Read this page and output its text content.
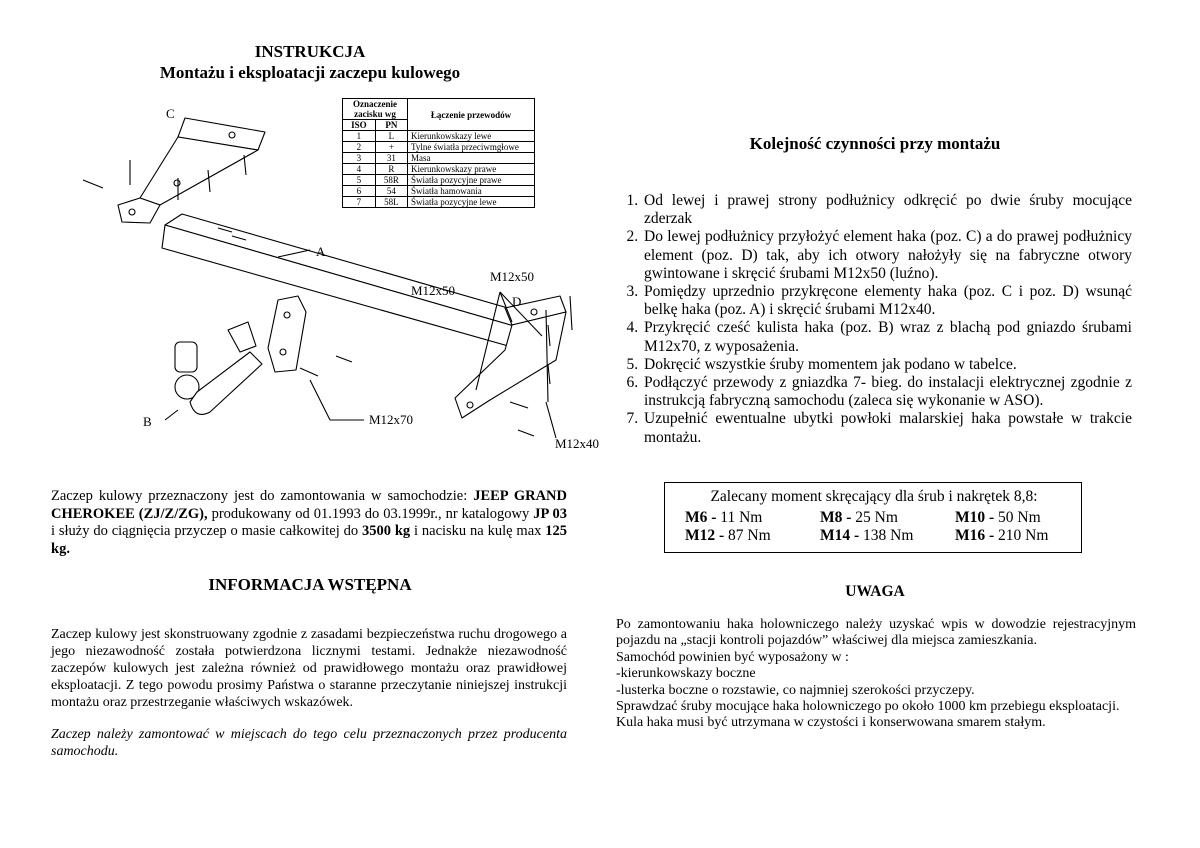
INSTRUKCJA
Montażu i eksploatacji zaczepu kulowego
Oznaczenie zacisku wg		Łączenie przewodów
ISO	PN	
1	L	Kierunkowskazy lewe
2	+	Tylne światła przeciwmgłowe
3	31	Masa
4	R	Kierunkowskazy prawe
5	58R	Światła pozycyjne prawe
6	54	Światła hamowania
7	58L	Światła pozycyjne lewe
C
A
D
B
M12x50
M12x50
M12x70
M12x40
Kolejność czynności przy montażu
1. Od lewej i prawej strony podłużnicy odkręcić po dwie śruby mocujące zderzak
2. Do lewej podłużnicy przyłożyć element haka (poz. C) a do prawej podłużnicy element (poz. D) tak, aby ich otwory nałożyły się na fabryczne otwory gwintowane i skręcić śrubami M12x50 (luźno).
3. Pomiędzy uprzednio przykręcone elementy haka (poz. C i poz. D) wsunąć belkę haka (poz. A) i skręcić śrubami M12x40.
4. Przykręcić cześć kulista haka (poz. B) wraz z blachą pod gniazdo śrubami M12x70, z wyposażenia.
5. Dokręcić wszystkie śruby momentem jak podano w tabelce.
6. Podłączyć przewody z gniazdka 7- bieg. do instalacji elektrycznej zgodnie z instrukcją fabryczną samochodu (zaleca się wykonanie w ASO).
7. Uzupełnić ewentualne ubytki powłoki malarskiej haka powstałe w trakcie montażu.
Zaczep kulowy przeznaczony jest do zamontowania w samochodzie: JEEP GRAND CHEROKEE (ZJ/Z/ZG), produkowany od 01.1993 do 03.1999r., nr katalogowy JP 03 i służy do ciągnięcia przyczep o masie całkowitej do 3500 kg i nacisku na kulę max 125 kg.
INFORMACJA WSTĘPNA
Zaczep kulowy jest skonstruowany zgodnie z zasadami bezpieczeństwa ruchu drogowego a jego niezawodność została potwierdzona licznymi testami. Jednakże niezawodność zaczepów kulowych jest zależna również od prawidłowego montażu oraz prawidłowej eksploatacji. Z tego powodu prosimy Państwa o staranne przeczytanie niniejszej instrukcji montażu oraz przestrzeganie właściwych wskazówek.
Zaczep należy zamontować w miejscach do tego celu przeznaczonych przez producenta samochodu.
Zalecany moment skręcający dla śrub i nakrętek 8,8:
M6 - 11 Nm	M8 - 25 Nm	M10 - 50 Nm
M12 - 87 Nm	M14 - 138 Nm	M16 - 210 Nm
UWAGA
Po zamontowaniu haka holowniczego należy uzyskać wpis w dowodzie rejestracyjnym pojazdu na „stacji kontroli pojazdów” właściwej dla miejsca zamieszkania.
Samochód powinien być wyposażony w :
-kierunkowskazy boczne
-lusterka boczne o rozstawie, co najmniej szerokości przyczepy.
Sprawdzać śruby mocujące haka holowniczego po około 1000 km przebiegu eksploatacji.
Kula haka musi być utrzymana w czystości i konserwowana smarem stałym.
